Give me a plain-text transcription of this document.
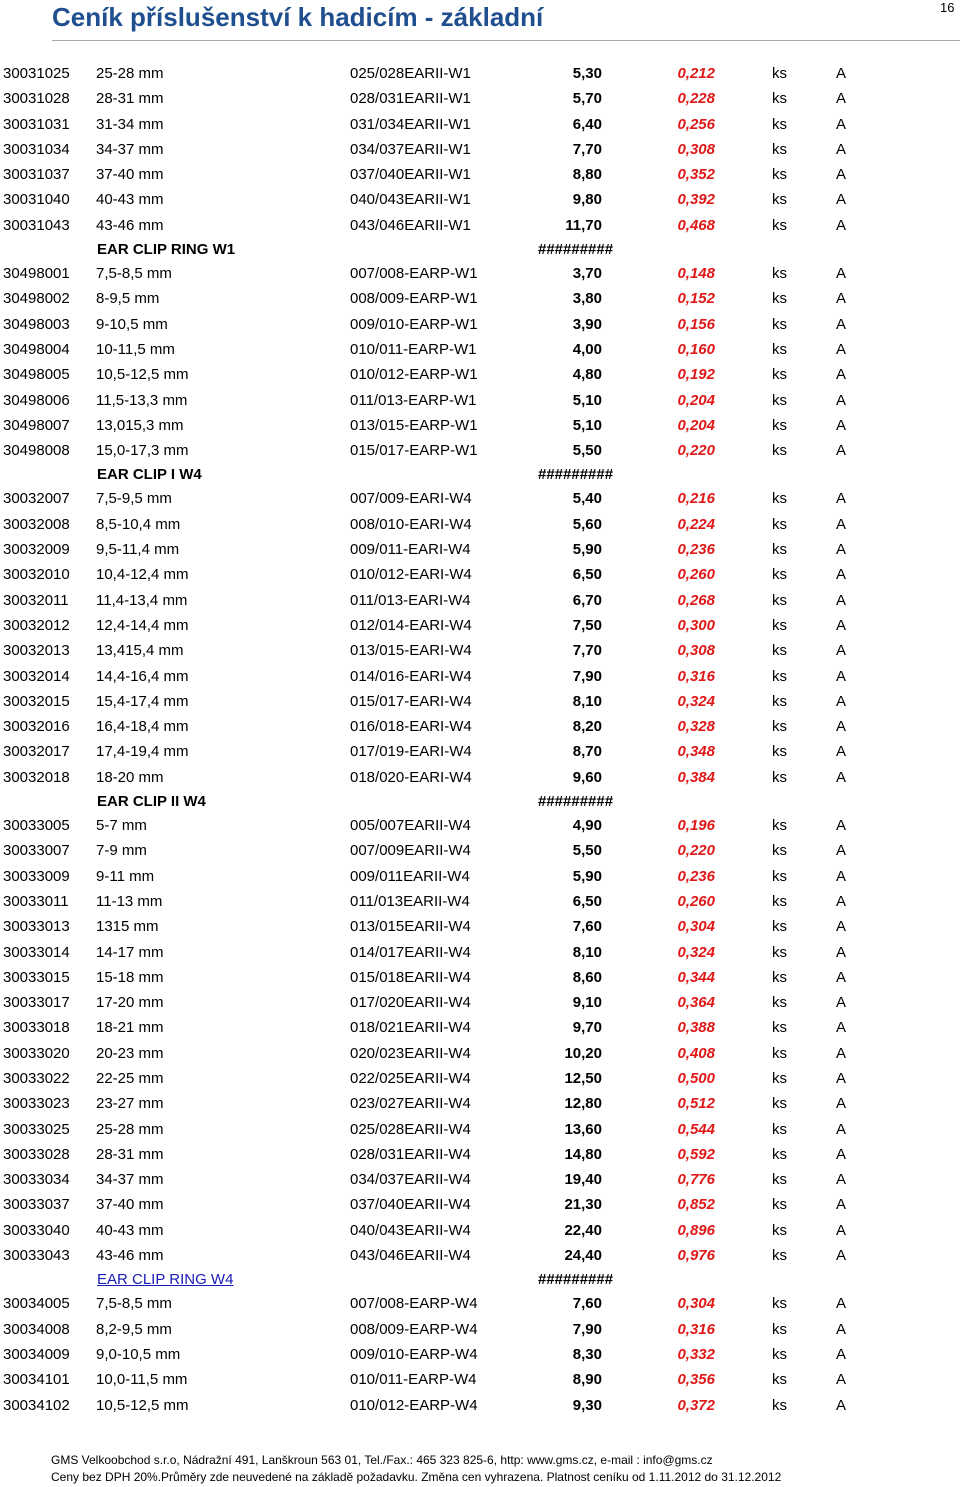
Ceník příslušenství k hadicím - základní	16
30031025 25-28 mm	025/028EARII-W1	5,30	0,212	ks	A
30031028 28-31 mm	028/031EARII-W1	5,70	0,228	ks	A
30031031 31-34 mm	031/034EARII-W1	6,40	0,256	ks	A
30031034 34-37 mm	034/037EARII-W1	7,70	0,308	ks	A
30031037 37-40 mm	037/040EARII-W1	8,80	0,352	ks	A
30031040 40-43 mm	040/043EARII-W1	9,80	0,392	ks	A
30031043 43-46 mm	043/046EARII-W1	11,70	0,468	ks	A
EAR CLIP RING W1	#########
30498001 7,5-8,5 mm	007/008-EARP-W1	3,70	0,148	ks	A
30498002 8-9,5 mm	008/009-EARP-W1	3,80	0,152	ks	A
30498003 9-10,5 mm	009/010-EARP-W1	3,90	0,156	ks	A
30498004 10-11,5 mm	010/011-EARP-W1	4,00	0,160	ks	A
30498005 10,5-12,5 mm	010/012-EARP-W1	4,80	0,192	ks	A
30498006 11,5-13,3 mm	011/013-EARP-W1	5,10	0,204	ks	A
30498007 13,015,3 mm	013/015-EARP-W1	5,10	0,204	ks	A
30498008 15,0-17,3 mm	015/017-EARP-W1	5,50	0,220	ks	A
EAR CLIP I W4	#########
30032007 7,5-9,5 mm	007/009-EARI-W4	5,40	0,216	ks	A
30032008 8,5-10,4 mm	008/010-EARI-W4	5,60	0,224	ks	A
30032009 9,5-11,4 mm	009/011-EARI-W4	5,90	0,236	ks	A
30032010 10,4-12,4 mm	010/012-EARI-W4	6,50	0,260	ks	A
30032011 11,4-13,4 mm	011/013-EARI-W4	6,70	0,268	ks	A
30032012 12,4-14,4 mm	012/014-EARI-W4	7,50	0,300	ks	A
30032013 13,415,4 mm	013/015-EARI-W4	7,70	0,308	ks	A
30032014 14,4-16,4 mm	014/016-EARI-W4	7,90	0,316	ks	A
30032015 15,4-17,4 mm	015/017-EARI-W4	8,10	0,324	ks	A
30032016 16,4-18,4 mm	016/018-EARI-W4	8,20	0,328	ks	A
30032017 17,4-19,4 mm	017/019-EARI-W4	8,70	0,348	ks	A
30032018 18-20 mm	018/020-EARI-W4	9,60	0,384	ks	A
EAR CLIP II W4	#########
30033005 5-7 mm	005/007EARII-W4	4,90	0,196	ks	A
30033007 7-9 mm	007/009EARII-W4	5,50	0,220	ks	A
30033009 9-11 mm	009/011EARII-W4	5,90	0,236	ks	A
30033011 11-13 mm	011/013EARII-W4	6,50	0,260	ks	A
30033013 1315 mm	013/015EARII-W4	7,60	0,304	ks	A
30033014 14-17 mm	014/017EARII-W4	8,10	0,324	ks	A
30033015 15-18 mm	015/018EARII-W4	8,60	0,344	ks	A
30033017 17-20 mm	017/020EARII-W4	9,10	0,364	ks	A
30033018 18-21 mm	018/021EARII-W4	9,70	0,388	ks	A
30033020 20-23 mm	020/023EARII-W4	10,20	0,408	ks	A
30033022 22-25 mm	022/025EARII-W4	12,50	0,500	ks	A
30033023 23-27 mm	023/027EARII-W4	12,80	0,512	ks	A
30033025 25-28 mm	025/028EARII-W4	13,60	0,544	ks	A
30033028 28-31 mm	028/031EARII-W4	14,80	0,592	ks	A
30033034 34-37 mm	034/037EARII-W4	19,40	0,776	ks	A
30033037 37-40 mm	037/040EARII-W4	21,30	0,852	ks	A
30033040 40-43 mm	040/043EARII-W4	22,40	0,896	ks	A
30033043 43-46 mm	043/046EARII-W4	24,40	0,976	ks	A
EAR CLIP RING W4	#########
30034005 7,5-8,5 mm	007/008-EARP-W4	7,60	0,304	ks	A
30034008 8,2-9,5 mm	008/009-EARP-W4	7,90	0,316	ks	A
30034009 9,0-10,5 mm	009/010-EARP-W4	8,30	0,332	ks	A
30034101 10,0-11,5 mm	010/011-EARP-W4	8,90	0,356	ks	A
30034102 10,5-12,5 mm	010/012-EARP-W4	9,30	0,372	ks	A
GMS Velkoobchod s.r.o, Nádražní 491, Lanškroun 563 01, Tel./Fax.: 465 323 825-6, http: www.gms.cz, e-mail : info@gms.cz
Ceny bez DPH 20%.Průměry zde neuvedené na základě požadavku. Změna cen vyhrazena. Platnost ceníku od 1.11.2012 do 31.12.2012
